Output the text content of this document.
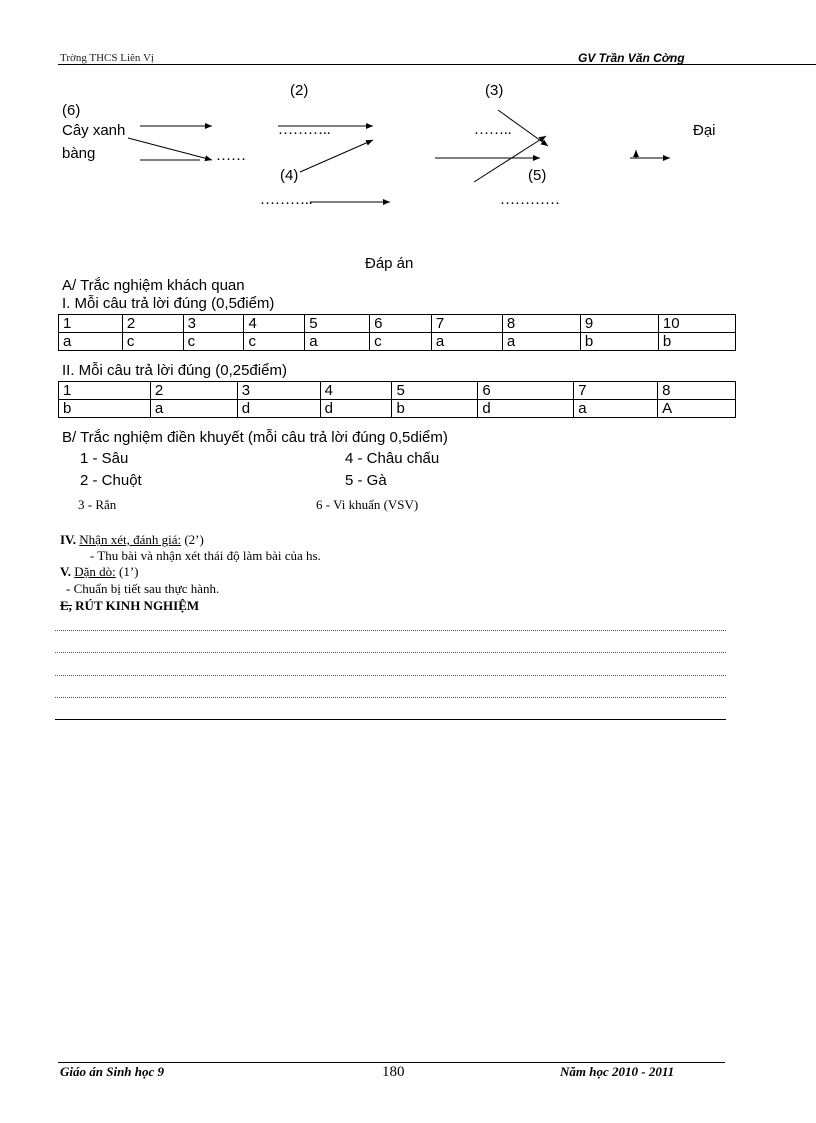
Trờng THCS Liên Vị	GV Trần Văn Cờng
(6)
Cây xanh
bàng	……
(2)
………..
(4)
………..
(3)
……..
(5)
…………
Đại
Đáp án
A/ Trắc nghiệm khách quan
I. Mỗi câu trả lời đúng (0,5điểm)
1	2	3	4	5	6	7	8	9	10
a	c	c	c	a	c	a	a	b	b
II. Mỗi câu trả lời đúng (0,25điểm)
1	2	3	4	5	6	7	8
b	a	d	d	b	d	a	A
B/ Trắc nghiệm điền khuyết (mỗi câu trả lời đúng 0,5diểm)
1 - Sâu	4 - Châu chấu
2 - Chuột	5 - Gà
3 - Rắn	6 - Vi khuẩn (VSV)
IV. Nhận xét, đánh giá: (2’)
- Thu bài và nhận xét thái độ làm bài của hs.
V. Dặn dò: (1’)
- Chuẩn bị tiết sau thực hành.
E, RÚT KINH NGHIỆM
Giáo án Sinh học 9	180	Năm học 2010 - 2011
